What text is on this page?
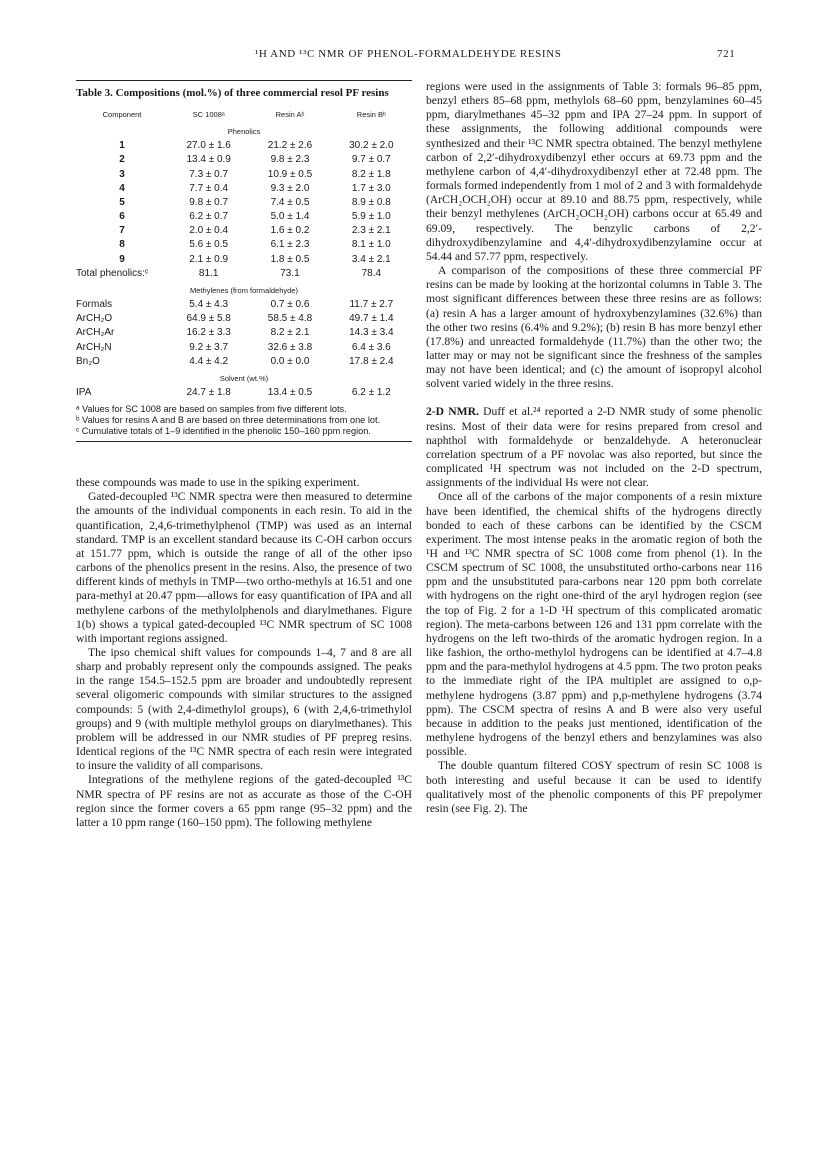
¹H AND ¹³C NMR OF PHENOL-FORMALDEHYDE RESINS	721
Table 3. Compositions (mol.%) of three commercial resol PF resins
Component	SC 1008ᵃ	Resin Aᵇ	Resin Bᵇ
Phenolics			
1	27.0 ± 1.6	21.2 ± 2.6	30.2 ± 2.0
2	13.4 ± 0.9	9.8 ± 2.3	9.7 ± 0.7
3	7.3 ± 0.7	10.9 ± 0.5	8.2 ± 1.8
4	7.7 ± 0.4	9.3 ± 2.0	1.7 ± 3.0
5	9.8 ± 0.7	7.4 ± 0.5	8.9 ± 0.8
6	6.2 ± 0.7	5.0 ± 1.4	5.9 ± 1.0
7	2.0 ± 0.4	1.6 ± 0.2	2.3 ± 2.1
8	5.6 ± 0.5	6.1 ± 2.3	8.1 ± 1.0
9	2.1 ± 0.9	1.8 ± 0.5	3.4 ± 2.1
Total phenolics:ᶜ	81.1	73.1	78.4
Methylenes (from formaldehyde)			
Formals	5.4 ± 4.3	0.7 ± 0.6	11.7 ± 2.7
ArCH₂O	64.9 ± 5.8	58.5 ± 4.8	49.7 ± 1.4
ArCH₂Ar	16.2 ± 3.3	8.2 ± 2.1	14.3 ± 3.4
ArCH₂N	9.2 ± 3.7	32.6 ± 3.8	6.4 ± 3.6
Bn₂O	4.4 ± 4.2	0.0 ± 0.0	17.8 ± 2.4
Solvent (wt.%)			
IPA	24.7 ± 1.8	13.4 ± 0.5	6.2 ± 1.2
ᵃ Values for SC 1008 are based on samples from five different lots.
ᵇ Values for resins A and B are based on three determinations from one lot.
ᶜ Cumulative totals of 1–9 identified in the phenolic 150–160 ppm region.

these compounds was made to use in the spiking experiment.

Gated-decoupled ¹³C NMR spectra were then measured to determine the amounts of the individual components in each resin. To aid in the quantification, 2,4,6-trimethylphenol (TMP) was used as an internal standard. TMP is an excellent standard because its C-OH carbon occurs at 151.77 ppm, which is outside the range of all of the other ipso carbons of the phenolics present in the resins. Also, the presence of two different kinds of methyls in TMP—two ortho-methyls at 16.51 and one para-methyl at 20.47 ppm—allows for easy quantification of IPA and all methylene carbons of the methylolphenols and diarylmethanes. Figure 1(b) shows a typical gated-decoupled ¹³C NMR spectrum of SC 1008 with important regions assigned.

The ipso chemical shift values for compounds 1–4, 7 and 8 are all sharp and probably represent only the compounds assigned. The peaks in the range 154.5–152.5 ppm are broader and undoubtedly represent several oligomeric compounds with similar structures to the assigned compounds: 5 (with 2,4-dimethylol groups), 6 (with 2,4,6-trimethylol groups) and 9 (with multiple methylol groups on diarylmethanes). This problem will be addressed in our NMR studies of PF prepreg resins. Identical regions of the ¹³C NMR spectra of each resin were integrated to insure the validity of all comparisons.

Integrations of the methylene regions of the gated-decoupled ¹³C NMR spectra of PF resins are not as accurate as those of the C-OH region since the former covers a 65 ppm range (95–32 ppm) and the latter a 10 ppm range (160–150 ppm). The following methylene

regions were used in the assignments of Table 3: formals 96–85 ppm, benzyl ethers 85–68 ppm, methylols 68–60 ppm, benzylamines 60–45 ppm, diarylmethanes 45–32 ppm and IPA 27–24 ppm. In support of these assignments, the following additional compounds were synthesized and their ¹³C NMR spectra obtained. The benzyl methylene carbon of 2,2′-dihydroxydibenzyl ether occurs at 69.73 ppm and the methylene carbon of 4,4′-dihydroxydibenzyl ether at 72.48 ppm. The formals formed independently from 1 mol of 2 and 3 with formaldehyde (ArCH₂OCH₂OH) occur at 89.10 and 88.75 ppm, respectively, while their benzyl methylenes (ArCH₂OCH₂OH) carbons occur at 65.49 and 69.09, respectively. The benzylic carbons of 2,2′-dihydroxydibenzylamine and 4,4′-dihydroxydibenzylamine occur at 54.44 and 57.77 ppm, respectively.

A comparison of the compositions of these three commercial PF resins can be made by looking at the horizontal columns in Table 3. The most significant differences between these three resins are as follows: (a) resin A has a larger amount of hydroxybenzylamines (32.6%) than the other two resins (6.4% and 9.2%); (b) resin B has more benzyl ether (17.8%) and unreacted formaldehyde (11.7%) than the other two; the latter may or may not be significant since the freshness of the samples may not have been identical; and (c) the amount of isopropyl alcohol solvent varied widely in the three resins.

2-D NMR. Duff et al.²⁴ reported a 2-D NMR study of some phenolic resins. Most of their data were for resins prepared from cresol and naphthol with formaldehyde or benzaldehyde. A heteronuclear correlation spectrum of a PF novolac was also reported, but since the complicated ¹H spectrum was not included on the 2-D spectrum, assignments of the individual Hs were not clear.

Once all of the carbons of the major components of a resin mixture have been identified, the chemical shifts of the hydrogens directly bonded to each of these carbons can be identified by the CSCM experiment. The most intense peaks in the aromatic region of both the ¹H and ¹³C NMR spectra of SC 1008 come from phenol (1). In the CSCM spectrum of SC 1008, the unsubstituted ortho-carbons near 116 ppm and the unsubstituted para-carbons near 120 ppm both correlate with hydrogens on the right one-third of the aryl hydrogen region (see the top of Fig. 2 for a 1-D ¹H spectrum of this complicated aromatic region). The meta-carbons between 126 and 131 ppm correlate with the hydrogens on the left two-thirds of the aromatic hydrogen region. In a like fashion, the ortho-methylol hydrogens can be identified at 4.7–4.8 ppm and the para-methylol hydrogens at 4.5 ppm. The two proton peaks to the immediate right of the IPA multiplet are assigned to o,p-methylene hydrogens (3.87 ppm) and p,p-methylene hydrogens (3.74 ppm). The CSCM spectra of resins A and B were also very useful because in addition to the peaks just mentioned, identification of the methylene hydrogens of the benzyl ethers and benzylamines was also possible.

The double quantum filtered COSY spectrum of resin SC 1008 is both interesting and useful because it can be used to identify qualitatively most of the phenolic components of this PF prepolymer resin (see Fig. 2). The
